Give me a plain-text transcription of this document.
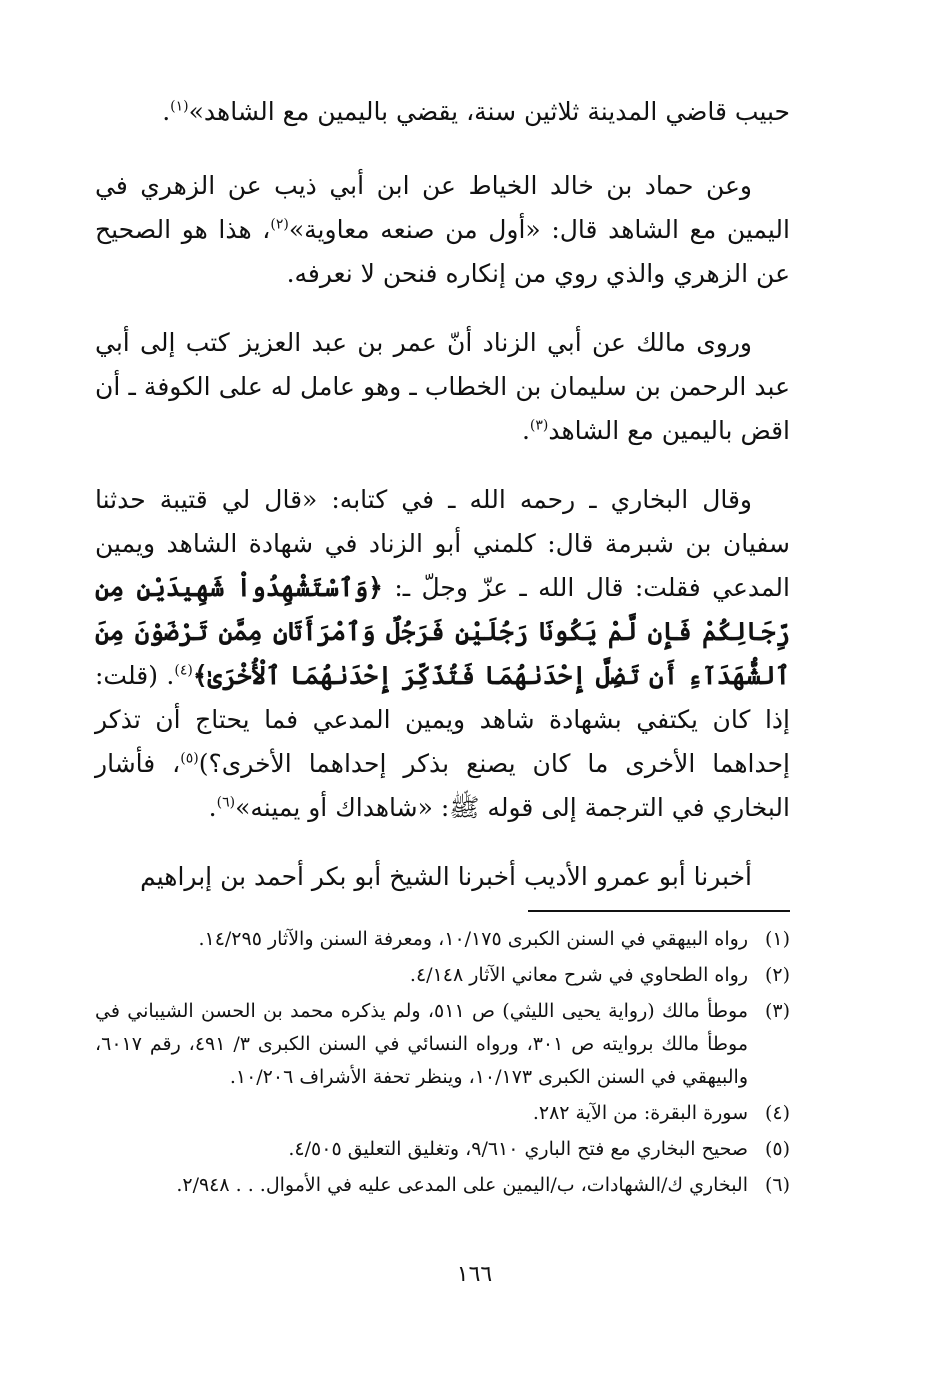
حبيب قاضي المدينة ثلاثين سنة، يقضي باليمين مع الشاهد»$^{(١)}$.

وعن حماد بن خالد الخياط عن ابن أبي ذيب عن الزهري في اليمين مع الشاهد قال: «أول من صنعه معاوية»$^{(٢)}$، هذا هو الصحيح عن الزهري والذي روي من إنكاره فنحن لا نعرفه.

وروى مالك عن أبي الزناد أنّ عمر بن عبد العزيز كتب إلى أبي عبد الرحمن بن سليمان بن الخطاب ـ وهو عامل له على الكوفة ـ أن اقض باليمين مع الشاهد$^{(٣)}$.

وقال البخاري ـ رحمه الله ـ في كتابه: «قال لي قتيبة حدثنا سفيان بن شبرمة قال: كلمني أبو الزناد في شهادة الشاهد ويمين المدعي فقلت: قال الله ـ عزّ وجلّ ـ: ﴿وَٱسْتَشْهِدُواْ شَهِيدَيْنِ مِن رِّجَالِكُمْ فَإِن لَّمْ يَكُونَا رَجُلَيْنِ فَرَجُلٌ وَٱمْرَأَتَانِ مِمَّن تَرْضَوْنَ مِنَ ٱلشُّهَدَآءِ أَن تَضِلَّ إِحْدَىٰهُمَا فَتُذَكِّرَ إِحْدَىٰهُمَا ٱلْأُخْرَىٰ﴾$^{(٤)}$. (قلت: إذا كان يكتفي بشهادة شاهد ويمين المدعي فما يحتاج أن تذكر إحداهما الأخرى ما كان يصنع بذكر إحداهما الأخرى؟)$^{(٥)}$، فأشار البخاري في الترجمة إلى قوله ﷺ: «شاهداك أو يمينه»$^{(٦)}$.

أخبرنا أبو عمرو الأديب أخبرنا الشيخ أبو بكر أحمد بن إبراهيم

(١)
رواه البيهقي في السنن الكبرى ١٠/١٧٥، ومعرفة السنن والآثار ١٤/٢٩٥.
(٢)
رواه الطحاوي في شرح معاني الآثار ٤/١٤٨.
(٣)
موطأ مالك (رواية يحيى الليثي) ص ٥١١، ولم يذكره محمد بن الحسن الشيباني في موطأ مالك بروايته ص ٣٠١، ورواه النسائي في السنن الكبرى ٣/ ٤٩١، رقم ٦٠١٧، والبيهقي في السنن الكبرى ١٠/١٧٣، وينظر تحفة الأشراف ١٠/٢٠٦.
(٤)
سورة البقرة: من الآية ٢٨٢.
(٥)
صحيح البخاري مع فتح الباري ٩/٦١٠، وتغليق التعليق ٤/٥٠٥.
(٦)
البخاري ك/الشهادات، ب/اليمين على المدعى عليه في الأموال. . . ٢/٩٤٨.
١٦٦
